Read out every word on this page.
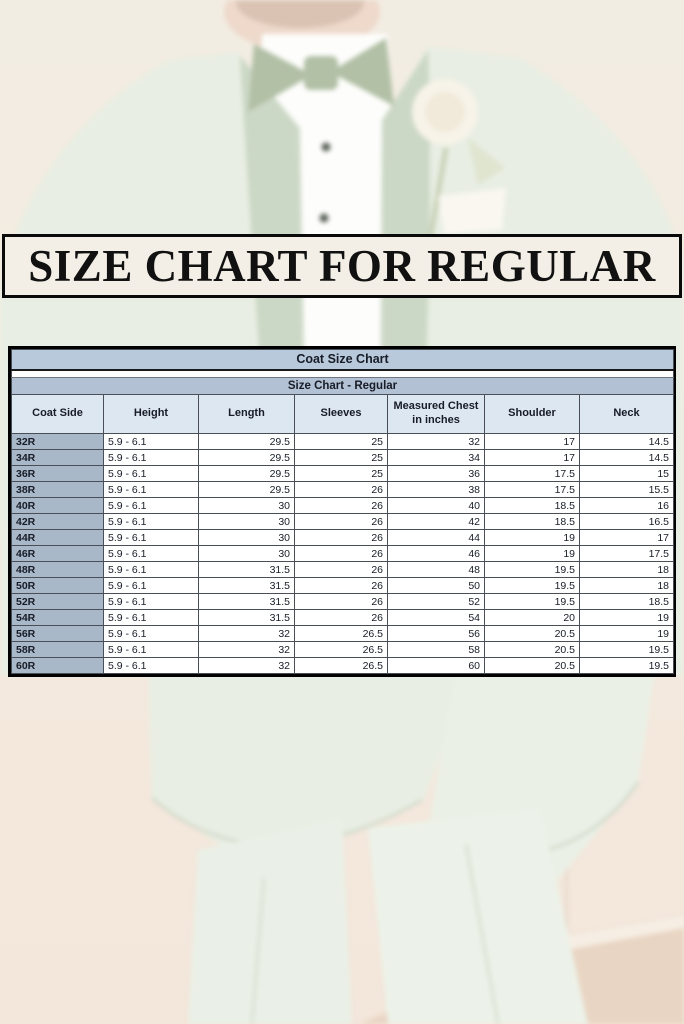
SIZE CHART FOR REGULAR
Coat Size Chart						

Size Chart - Regular						
Coat Side	Height	Length	Sleeves	Measured Chest in inches	Shoulder	Neck
32R	5.9 - 6.1	29.5	25	32	17	14.5
34R	5.9 - 6.1	29.5	25	34	17	14.5
36R	5.9 - 6.1	29.5	25	36	17.5	15
38R	5.9 - 6.1	29.5	26	38	17.5	15.5
40R	5.9 - 6.1	30	26	40	18.5	16
42R	5.9 - 6.1	30	26	42	18.5	16.5
44R	5.9 - 6.1	30	26	44	19	17
46R	5.9 - 6.1	30	26	46	19	17.5
48R	5.9 - 6.1	31.5	26	48	19.5	18
50R	5.9 - 6.1	31.5	26	50	19.5	18
52R	5.9 - 6.1	31.5	26	52	19.5	18.5
54R	5.9 - 6.1	31.5	26	54	20	19
56R	5.9 - 6.1	32	26.5	56	20.5	19
58R	5.9 - 6.1	32	26.5	58	20.5	19.5
60R	5.9 - 6.1	32	26.5	60	20.5	19.5
